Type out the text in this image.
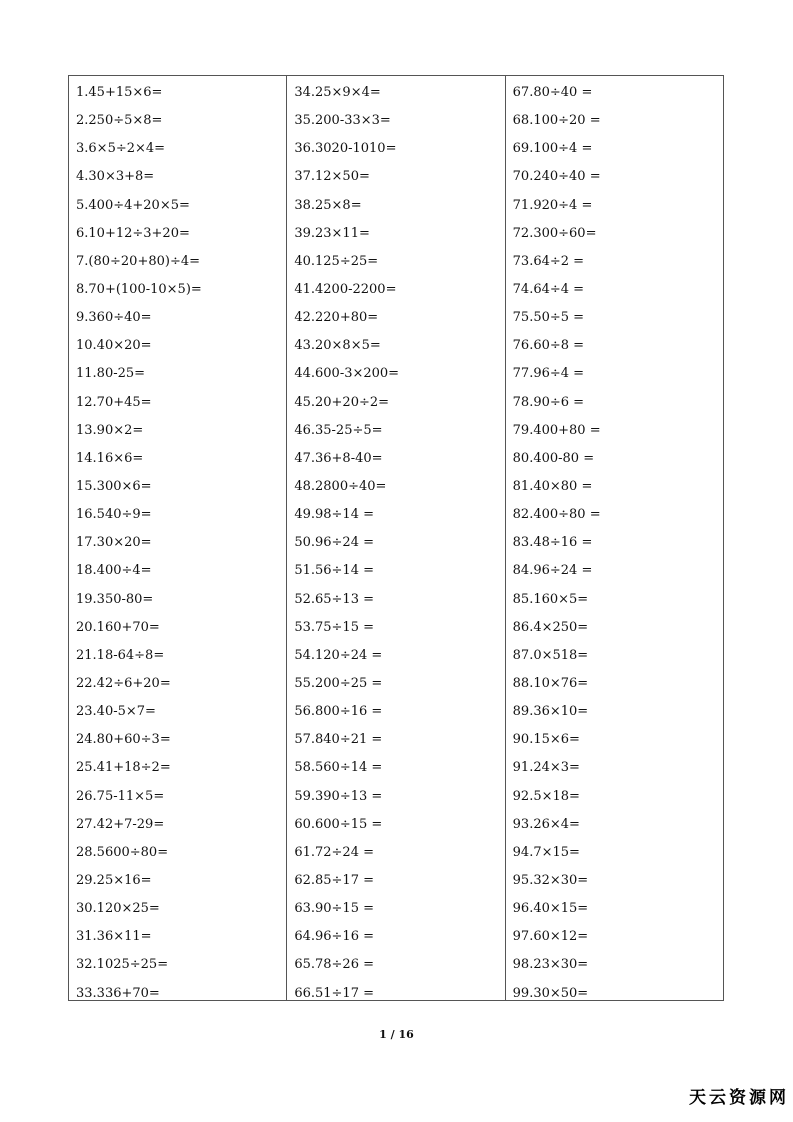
1.45+15×6=
2.250÷5×8=
3.6×5÷2×4=
4.30×3+8=
5.400÷4+20×5=
6.10+12÷3+20=
7.(80÷20+80)÷4=
8.70+(100-10×5)=
9.360÷40=
10.40×20=
11.80-25=
12.70+45=
13.90×2=
14.16×6=
15.300×6=
16.540÷9=
17.30×20=
18.400÷4=
19.350-80=
20.160+70=
21.18-64÷8=
22.42÷6+20=
23.40-5×7=
24.80+60÷3=
25.41+18÷2=
26.75-11×5=
27.42+7-29=
28.5600÷80=
29.25×16=
30.120×25=
31.36×11=
32.1025÷25=
33.336+70=
34.25×9×4=
35.200-33×3=
36.3020-1010=
37.12×50=
38.25×8=
39.23×11=
40.125÷25=
41.4200-2200=
42.220+80=
43.20×8×5=
44.600-3×200=
45.20+20÷2=
46.35-25÷5=
47.36+8-40=
48.2800÷40=
49.98÷14 =
50.96÷24 =
51.56÷14 =
52.65÷13 =
53.75÷15 =
54.120÷24 =
55.200÷25 =
56.800÷16 =
57.840÷21 =
58.560÷14 =
59.390÷13 =
60.600÷15 =
61.72÷24 =
62.85÷17 =
63.90÷15 =
64.96÷16 =
65.78÷26 =
66.51÷17 =
67.80÷40 =
68.100÷20 =
69.100÷4 =
70.240÷40 =
71.920÷4 =
72.300÷60=
73.64÷2 =
74.64÷4 =
75.50÷5 =
76.60÷8 =
77.96÷4 =
78.90÷6 =
79.400+80 =
80.400-80 =
81.40×80 =
82.400÷80 =
83.48÷16 =
84.96÷24 =
85.160×5=
86.4×250=
87.0×518=
88.10×76=
89.36×10=
90.15×6=
91.24×3=
92.5×18=
93.26×4=
94.7×15=
95.32×30=
96.40×15=
97.60×12=
98.23×30=
99.30×50=
1 / 16
天云资源网
